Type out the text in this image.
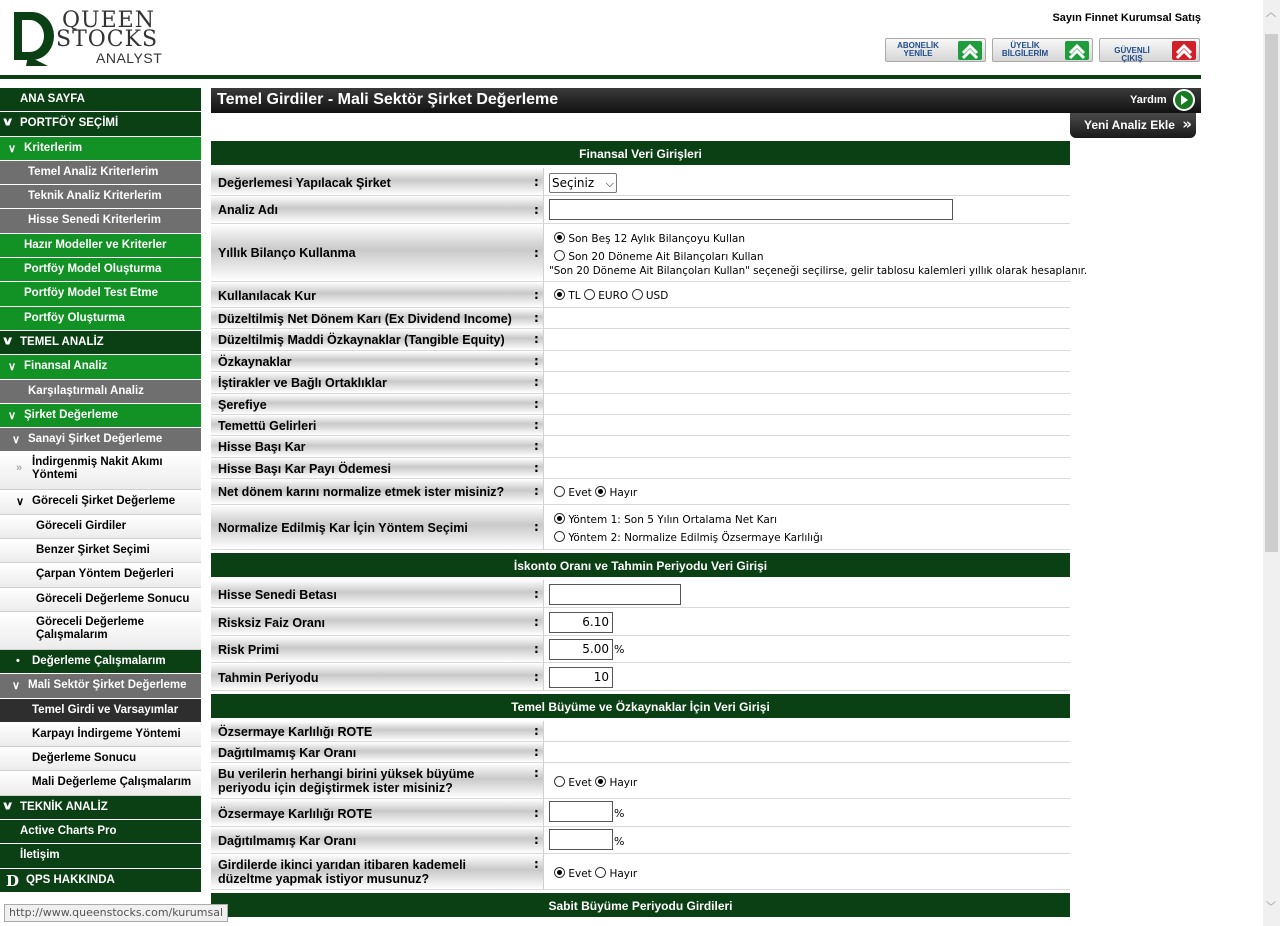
QUEEN
STOCKS
ANALYST
Sayın Finnet Kurumsal Satış
ABONELİK YENİLE
ÜYELİK BİLGİLERİM	GÜVENLİ ÇIKIŞ
ANA SAYFA
˅˅ PORTFÖY SEÇİMİ
∨ Kriterlerim
Temel Analiz Kriterlerim
Teknik Analiz Kriterlerim
Hisse Senedi Kriterlerim
Hazır Modeller ve Kriterler
Portföy Model Oluşturma
Portföy Model Test Etme
Portföy Oluşturma
˅˅ TEMEL ANALİZ
∨ Finansal Analiz
Karşılaştırmalı Analiz
∨ Şirket Değerleme
∨ Sanayi Şirket Değerleme
» İndirgenmiş Nakit Akımı Yöntemi
∨ Göreceli Şirket Değerleme
Göreceli Girdiler
Benzer Şirket Seçimi
Çarpan Yöntem Değerleri
Göreceli Değerleme Sonucu
Göreceli Değerleme Çalışmalarım
• Değerleme Çalışmalarım
∨ Mali Sektör Şirket Değerleme
Temel Girdi ve Varsayımlar
Karpayı İndirgeme Yöntemi
Değerleme Sonucu
Mali Değerleme Çalışmalarım
˅˅ TEKNİK ANALİZ
Active Charts Pro
İletişim
D QPS HAKKINDA
Temel Girdiler - Mali Sektör Şirket Değerleme	Yardım
Yeni Analiz Ekle »
Finansal Veri Girişleri
Değerlemesi Yapılacak Şirket	: Seçiniz ⌵
Analiz Adı	:
Yıllık Bilanço Kullanma	:
Son Beş 12 Aylık Bilançoyu Kullan
Son 20 Döneme Ait Bilançoları Kullan
"Son 20 Döneme Ait Bilançoları Kullan" seçeneği seçilirse, gelir tablosu kalemleri yıllık olarak hesaplanır.
Kullanılacak Kur	:	TL EURO USD
Düzeltilmiş Net Dönem Karı (Ex Dividend Income) :
Düzeltilmiş Maddi Özkaynaklar (Tangible Equity) :
Özkaynaklar	:
İştirakler ve Bağlı Ortaklıklar	:
Şerefiye	:
Temettü Gelirleri	:
Hisse Başı Kar	:
Hisse Başı Kar Payı Ödemesi	:
Net dönem karını normalize etmek ister misiniz? :	Evet Hayır
Normalize Edilmiş Kar İçin Yöntem Seçimi	:	Yöntem 1: Son 5 Yılın Ortalama Net Karı
Yöntem 2: Normalize Edilmiş Özsermaye Karlılığı
İskonto Oranı ve Tahmin Periyodu Veri Girişi
Hisse Senedi Betası	:
Risksiz Faiz Oranı	:	6.10
Risk Primi	:	5.00 %
Tahmin Periyodu	:	10
Temel Büyüme ve Özkaynaklar İçin Veri Girişi
Özsermaye Karlılığı ROTE	:
Dağıtılmamış Kar Oranı	:
Bu verilerin herhangi birini yüksek büyüme periyodu için değiştirmek ister misiniz?
:
Evet Hayır
Özsermaye Karlılığı ROTE	:	%
Dağıtılmamış Kar Oranı	:	%
Girdilerde ikinci yarıdan itibaren kademeli düzeltme yapmak istiyor musunuz?
:
Evet Hayır
Sabit Büyüme Periyodu Girdileri
http://www.queenstocks.com/kurumsal
︿
﹀
